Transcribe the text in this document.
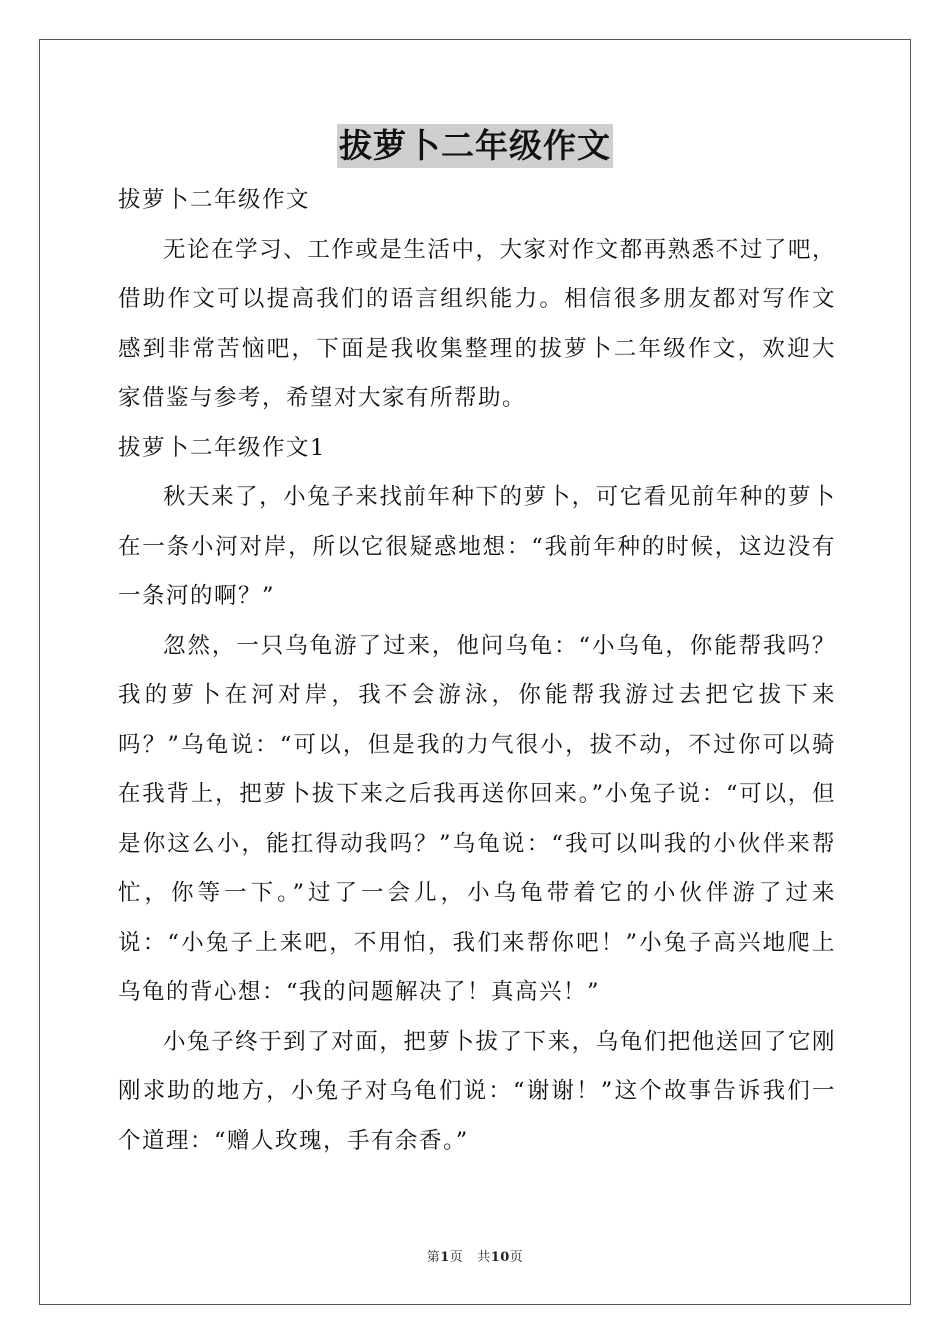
拔萝卜二年级作文

拔萝卜二年级作文

无论在学习、工作或是生活中，大家对作文都再熟悉不过了吧，借助作文可以提高我们的语言组织能力。相信很多朋友都对写作文感到非常苦恼吧，下面是我收集整理的拔萝卜二年级作文，欢迎大家借鉴与参考，希望对大家有所帮助。

拔萝卜二年级作文1

秋天来了，小兔子来找前年种下的萝卜，可它看见前年种的萝卜在一条小河对岸，所以它很疑惑地想：“我前年种的时候，这边没有一条河的啊？”

忽然，一只乌龟游了过来，他问乌龟：“小乌龟，你能帮我吗？我的萝卜在河对岸，我不会游泳，你能帮我游过去把它拔下来吗？”乌龟说：“可以，但是我的力气很小，拔不动，不过你可以骑在我背上，把萝卜拔下来之后我再送你回来。”小兔子说：“可以，但是你这么小，能扛得动我吗？”乌龟说：“我可以叫我的小伙伴来帮忙，你等一下。”过了一会儿，小乌龟带着它的小伙伴游了过来说：“小兔子上来吧，不用怕，我们来帮你吧！”小兔子高兴地爬上乌龟的背心想：“我的问题解决了！真高兴！”

小兔子终于到了对面，把萝卜拔了下来，乌龟们把他送回了它刚刚求助的地方，小兔子对乌龟们说：“谢谢！”这个故事告诉我们一个道理：“赠人玫瑰，手有余香。”

第1页 共10页
